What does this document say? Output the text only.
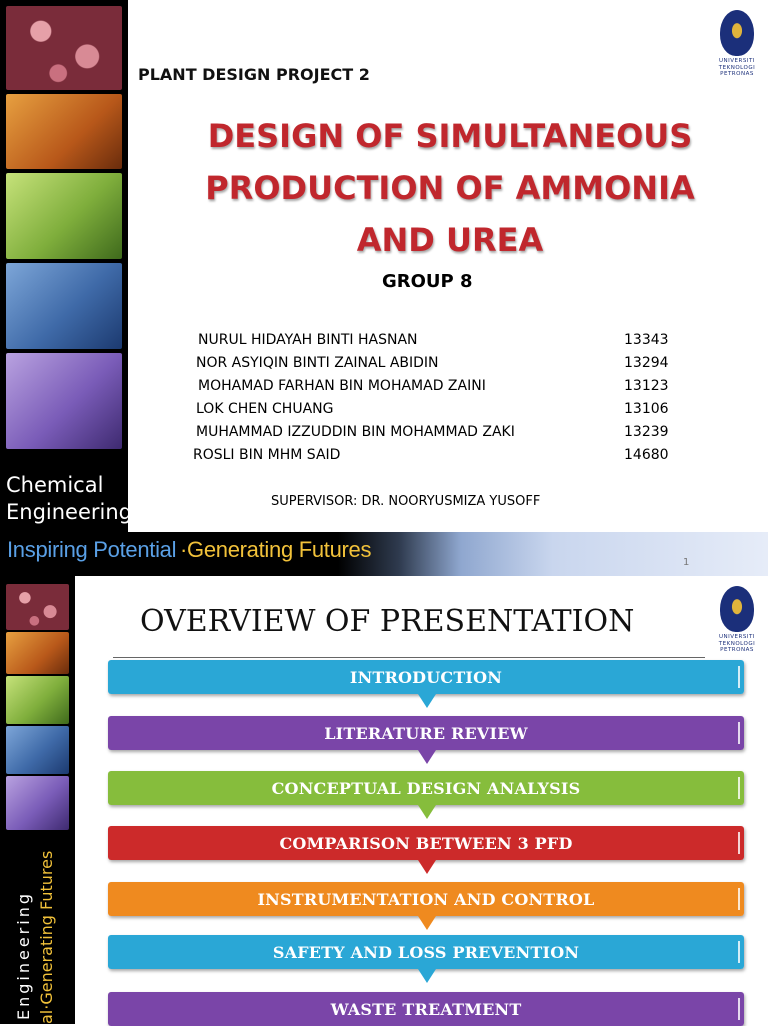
Chemical
Engineering
UNIVERSITI
TEKNOLOGI
PETRONAS
PLANT DESIGN PROJECT 2
DESIGN OF SIMULTANEOUS
PRODUCTION OF AMMONIA
AND UREA
GROUP 8
NURUL HIDAYAH BINTI HASNAN	13343
NOR ASYIQIN BINTI ZAINAL ABIDIN	13294
MOHAMAD FARHAN BIN MOHAMAD ZAINI	13123
LOK CHEN CHUANG	13106
MUHAMMAD IZZUDDIN BIN MOHAMMAD ZAKI	13239
ROSLI BIN MHM SAID	14680
SUPERVISOR: DR. NOORYUSMIZA YUSOFF
Inspiring Potential ·Generating Futures
1
UNIVERSITI
TEKNOLOGI
PETRONAS
Engineering al·Generating Futures
OVERVIEW OF PRESENTATION
INTRODUCTION
LITERATURE REVIEW
CONCEPTUAL DESIGN ANALYSIS
COMPARISON BETWEEN 3 PFD
INSTRUMENTATION AND CONTROL
SAFETY AND LOSS PREVENTION
WASTE TREATMENT
